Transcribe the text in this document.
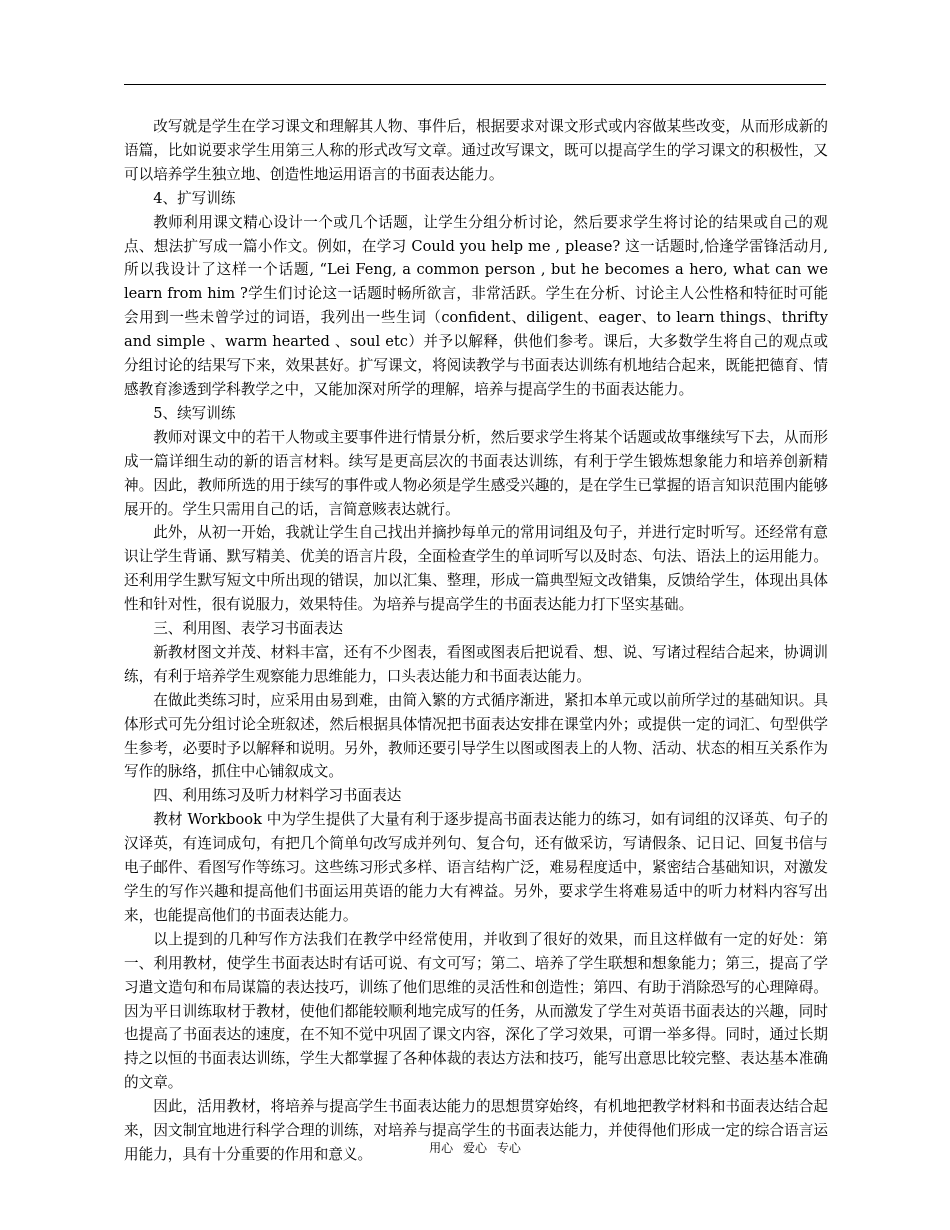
改写就是学生在学习课文和理解其人物、事件后，根据要求对课文形式或内容做某些改变，从而形成新的语篇，比如说要求学生用第三人称的形式改写文章。通过改写课文，既可以提高学生的学习课文的积极性，又可以培养学生独立地、创造性地运用语言的书面表达能力。

4、扩写训练

教师利用课文精心设计一个或几个话题，让学生分组分析讨论，然后要求学生将讨论的结果或自己的观点、想法扩写成一篇小作文。例如，在学习 Could you help me , please? 这一话题时,恰逢学雷锋活动月,所以我设计了这样一个话题, “Lei Feng, a common person , but he becomes a hero, what can we learn from him ?学生们讨论这一话题时畅所欲言，非常活跃。学生在分析、讨论主人公性格和特征时可能会用到一些未曾学过的词语，我列出一些生词（confident、diligent、eager、to learn things、thrifty and simple 、warm hearted 、soul etc）并予以解释，供他们参考。课后，大多数学生将自己的观点或分组讨论的结果写下来，效果甚好。扩写课文，将阅读教学与书面表达训练有机地结合起来，既能把德育、情感教育渗透到学科教学之中，又能加深对所学的理解，培养与提高学生的书面表达能力。

5、续写训练

教师对课文中的若干人物或主要事件进行情景分析，然后要求学生将某个话题或故事继续写下去，从而形成一篇详细生动的新的语言材料。续写是更高层次的书面表达训练，有利于学生锻炼想象能力和培养创新精神。因此，教师所选的用于续写的事件或人物必须是学生感受兴趣的，是在学生已掌握的语言知识范围内能够展开的。学生只需用自己的话，言简意赅表达就行。

此外，从初一开始，我就让学生自己找出并摘抄每单元的常用词组及句子，并进行定时听写。还经常有意识让学生背诵、默写精美、优美的语言片段，全面检查学生的单词听写以及时态、句法、语法上的运用能力。还利用学生默写短文中所出现的错误，加以汇集、整理，形成一篇典型短文改错集，反馈给学生，体现出具体性和针对性，很有说服力，效果特佳。为培养与提高学生的书面表达能力打下坚实基础。

三、利用图、表学习书面表达

新教材图文并茂、材料丰富，还有不少图表，看图或图表后把说看、想、说、写诸过程结合起来，协调训练，有利于培养学生观察能力思维能力，口头表达能力和书面表达能力。

在做此类练习时，应采用由易到难，由简入繁的方式循序渐进，紧扣本单元或以前所学过的基础知识。具体形式可先分组讨论全班叙述，然后根据具体情况把书面表达安排在课堂内外；或提供一定的词汇、句型供学生参考，必要时予以解释和说明。另外，教师还要引导学生以图或图表上的人物、活动、状态的相互关系作为写作的脉络，抓住中心铺叙成文。

四、利用练习及听力材料学习书面表达

教材 Workbook 中为学生提供了大量有利于逐步提高书面表达能力的练习，如有词组的汉译英、句子的汉译英，有连词成句，有把几个简单句改写成并列句、复合句，还有做采访，写请假条、记日记、回复书信与电子邮件、看图写作等练习。这些练习形式多样、语言结构广泛，难易程度适中，紧密结合基础知识，对激发学生的写作兴趣和提高他们书面运用英语的能力大有裨益。另外，要求学生将难易适中的听力材料内容写出来，也能提高他们的书面表达能力。

以上提到的几种写作方法我们在教学中经常使用，并收到了很好的效果，而且这样做有一定的好处：第一、利用教材，使学生书面表达时有话可说、有文可写；第二、培养了学生联想和想象能力；第三，提高了学习遣文造句和布局谋篇的表达技巧，训练了他们思维的灵活性和创造性；第四、有助于消除恐写的心理障碍。因为平日训练取材于教材，使他们都能较顺利地完成写的任务，从而激发了学生对英语书面表达的兴趣，同时也提高了书面表达的速度，在不知不觉中巩固了课文内容，深化了学习效果，可谓一举多得。同时，通过长期持之以恒的书面表达训练，学生大都掌握了各种体裁的表达方法和技巧，能写出意思比较完整、表达基本准确的文章。

因此，活用教材，将培养与提高学生书面表达能力的思想贯穿始终，有机地把教学材料和书面表达结合起来，因文制宜地进行科学合理的训练，对培养与提高学生的书面表达能力，并使得他们形成一定的综合语言运用能力，具有十分重要的作用和意义。	用心 爱心 专心
